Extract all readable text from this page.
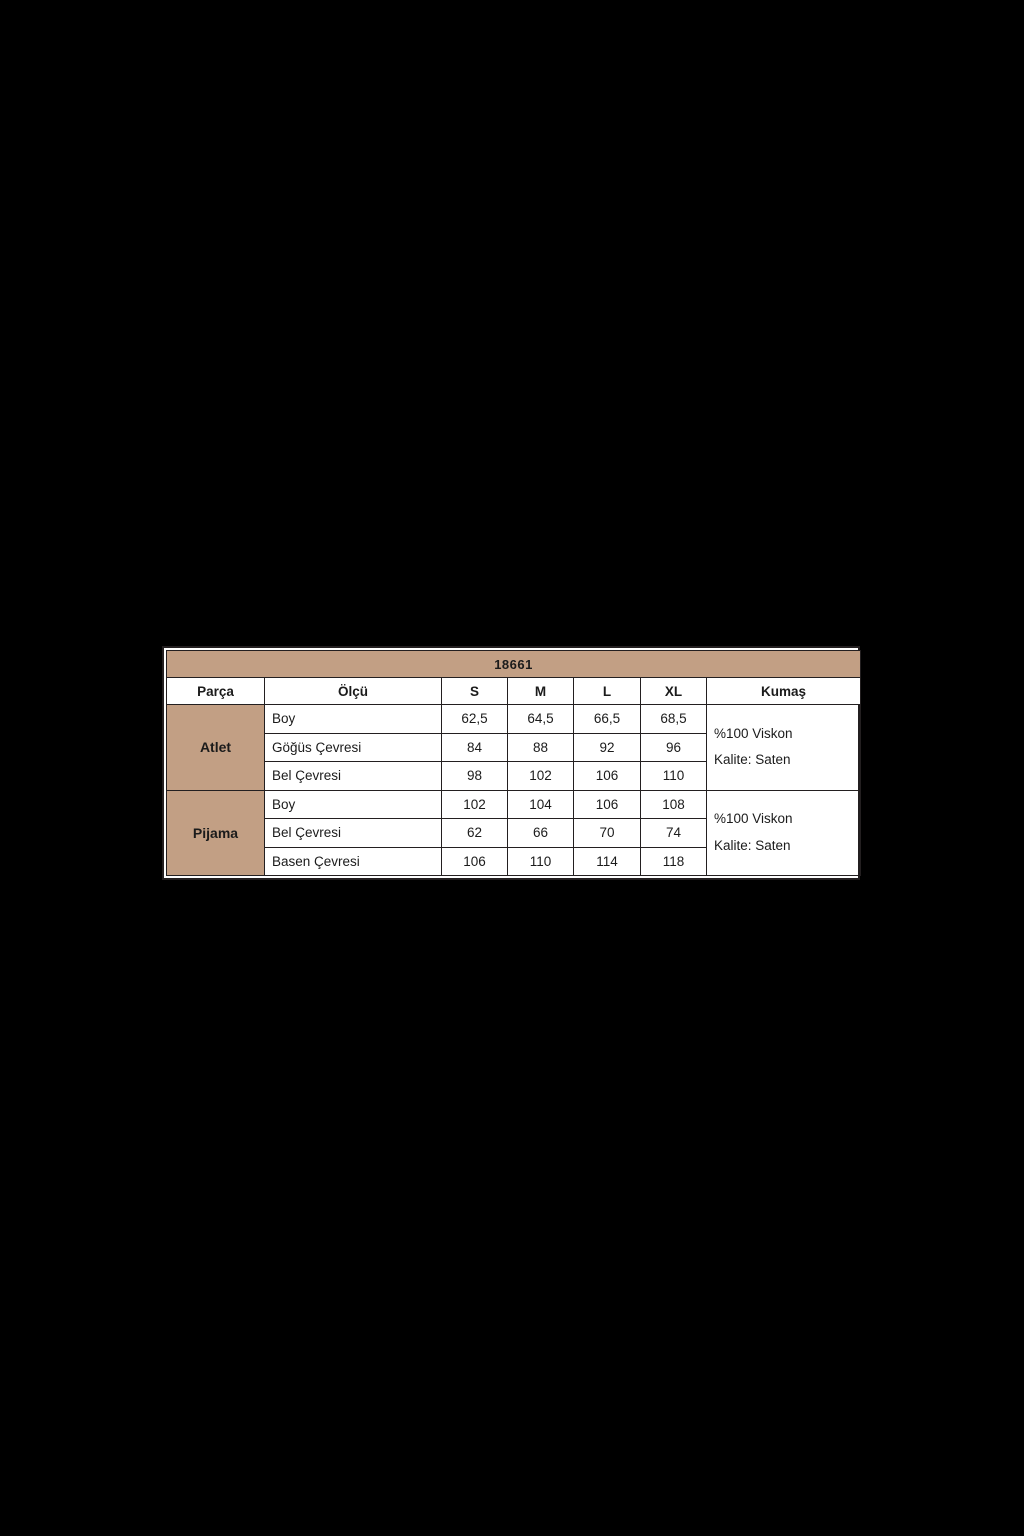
18661						
Parça	Ölçü	S	M	L	XL	Kumaş
Atlet	Boy	62,5	64,5	66,5	68,5	%100 Viskon
Kalite: Saten

	Göğüs Çevresi	84	88	92	96	
	Bel Çevresi	98	102	106	110	
Pijama	Boy	102	104	106	108	%100 Viskon
Kalite: Saten

	Bel Çevresi	62	66	70	74	
	Basen Çevresi	106	110	114	118	
